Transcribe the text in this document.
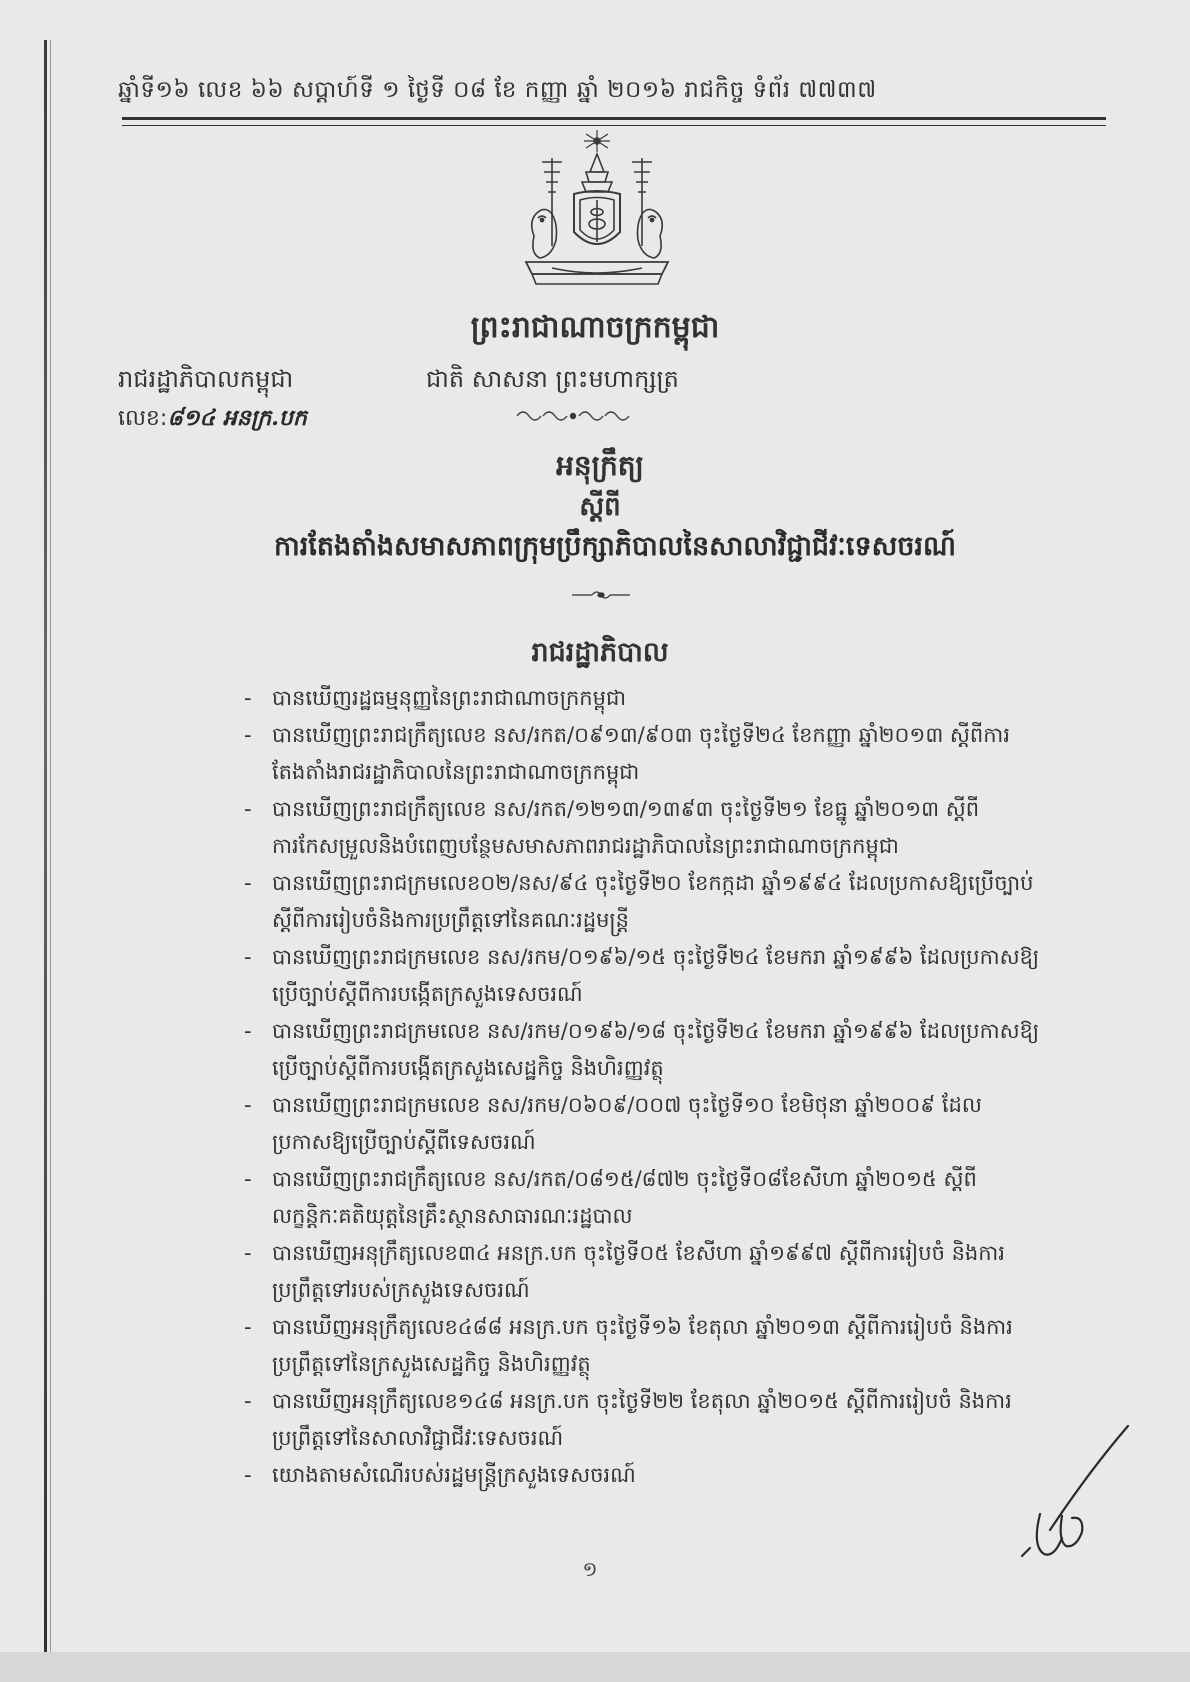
ឆ្នាំទី១៦ លេខ ៦៦ សប្តាហ៍ទី ១ ថ្ងៃទី ០៨ ខែ កញ្ញា ឆ្នាំ ២០១៦ រាជកិច្ច ទំព័រ ៧៧៣៧
ព្រះរាជាណាចក្រកម្ពុជា
រាជរដ្ឋាភិបាលកម្ពុជា
លេខ:៨១៤ អនក្រ.បក
ជាតិ សាសនា ព្រះមហាក្សត្រ
អនុក្រឹត្យ
ស្តីពី
ការតែងតាំងសមាសភាពក្រុមប្រឹក្សាភិបាលនៃសាលាវិជ្ជាជីវៈទេសចរណ៍
រាជរដ្ឋាភិបាល
- បានឃើញរដ្ឋធម្មនុញ្ញនៃព្រះរាជាណាចក្រកម្ពុជា
- បានឃើញព្រះរាជក្រឹត្យលេខ នស/រកត/០៩១៣/៩០៣ ចុះថ្ងៃទី២៤ ខែកញ្ញា ឆ្នាំ២០១៣ ស្តីពីការតែងតាំងរាជរដ្ឋាភិបាលនៃព្រះរាជាណាចក្រកម្ពុជា
- បានឃើញព្រះរាជក្រឹត្យលេខ នស/រកត/១២១៣/១៣៩៣ ចុះថ្ងៃទី២១ ខែធ្នូ ឆ្នាំ២០១៣ ស្តីពីការកែសម្រួលនិងបំពេញបន្ថែមសមាសភាពរាជរដ្ឋាភិបាលនៃព្រះរាជាណាចក្រកម្ពុជា
- បានឃើញព្រះរាជក្រមលេខ០២/នស/៩៤ ចុះថ្ងៃទី២០ ខែកក្កដា ឆ្នាំ១៩៩៤ ដែលប្រកាសឱ្យប្រើច្បាប់ស្តីពីការរៀបចំនិងការប្រព្រឹត្តទៅនៃគណៈរដ្ឋមន្ត្រី
- បានឃើញព្រះរាជក្រមលេខ នស/រកម/០១៩៦/១៥ ចុះថ្ងៃទី២៤ ខែមករា ឆ្នាំ១៩៩៦ ដែលប្រកាសឱ្យប្រើច្បាប់ស្តីពីការបង្កើតក្រសួងទេសចរណ៍
- បានឃើញព្រះរាជក្រមលេខ នស/រកម/០១៩៦/១៨ ចុះថ្ងៃទី២៤ ខែមករា ឆ្នាំ១៩៩៦ ដែលប្រកាសឱ្យប្រើច្បាប់ស្តីពីការបង្កើតក្រសួងសេដ្ឋកិច្ច និងហិរញ្ញវត្ថុ
- បានឃើញព្រះរាជក្រមលេខ នស/រកម/០៦០៩/០០៧ ចុះថ្ងៃទី១០ ខែមិថុនា ឆ្នាំ២០០៩ ដែលប្រកាសឱ្យប្រើច្បាប់ស្តីពីទេសចរណ៍
- បានឃើញព្រះរាជក្រឹត្យលេខ នស/រកត/០៨១៥/៨៧២ ចុះថ្ងៃទី០៨ខែសីហា ឆ្នាំ២០១៥ ស្តីពីលក្ខន្តិកៈគតិយុត្តនៃគ្រឹះស្ថានសាធារណៈរដ្ឋបាល
- បានឃើញអនុក្រឹត្យលេខ៣៤ អនក្រ.បក ចុះថ្ងៃទី០៥ ខែសីហា ឆ្នាំ១៩៩៧ ស្តីពីការរៀបចំ និងការប្រព្រឹត្តទៅរបស់ក្រសួងទេសចរណ៍
- បានឃើញអនុក្រឹត្យលេខ៤៨៨ អនក្រ.បក ចុះថ្ងៃទី១៦ ខែតុលា ឆ្នាំ២០១៣ ស្តីពីការរៀបចំ និងការប្រព្រឹត្តទៅនៃក្រសួងសេដ្ឋកិច្ច និងហិរញ្ញវត្ថុ
- បានឃើញអនុក្រឹត្យលេខ១៤៨ អនក្រ.បក ចុះថ្ងៃទី២២ ខែតុលា ឆ្នាំ២០១៥ ស្តីពីការរៀបចំ និងការប្រព្រឹត្តទៅនៃសាលាវិជ្ជាជីវៈទេសចរណ៍
- យោងតាមសំណើរបស់រដ្ឋមន្ត្រីក្រសួងទេសចរណ៍
១
